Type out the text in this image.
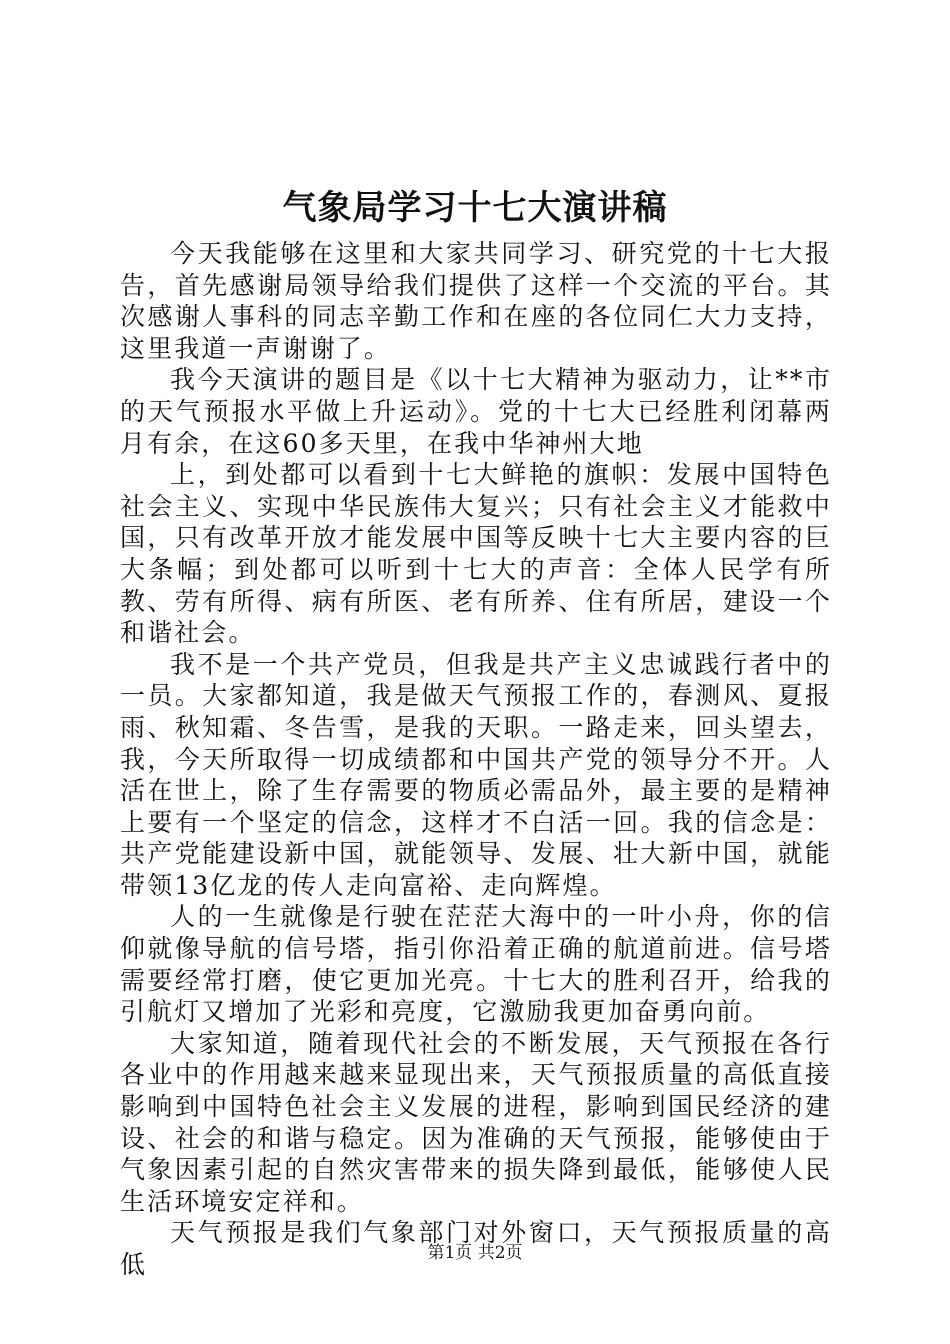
气象局学习十七大演讲稿

今天我能够在这里和大家共同学习、研究党的十七大报告，首先感谢局领导给我们提供了这样一个交流的平台。其次感谢人事科的同志辛勤工作和在座的各位同仁大力支持，这里我道一声谢谢了。

我今天演讲的题目是《以十七大精神为驱动力，让**市的天气预报水平做上升运动》。党的十七大已经胜利闭幕两月有余，在这60多天里，在我中华神州大地

上，到处都可以看到十七大鲜艳的旗帜：发展中国特色社会主义、实现中华民族伟大复兴；只有社会主义才能救中国，只有改革开放才能发展中国等反映十七大主要内容的巨大条幅；到处都可以听到十七大的声音：全体人民学有所教、劳有所得、病有所医、老有所养、住有所居，建设一个和谐社会。

我不是一个共产党员，但我是共产主义忠诚践行者中的一员。大家都知道，我是做天气预报工作的，春测风、夏报雨、秋知霜、冬告雪，是我的天职。一路走来，回头望去，我，今天所取得一切成绩都和中国共产党的领导分不开。人活在世上，除了生存需要的物质必需品外，最主要的是精神上要有一个坚定的信念，这样才不白活一回。我的信念是：共产党能建设新中国，就能领导、发展、壮大新中国，就能带领13亿龙的传人走向富裕、走向辉煌。

人的一生就像是行驶在茫茫大海中的一叶小舟，你的信仰就像导航的信号塔，指引你沿着正确的航道前进。信号塔需要经常打磨，使它更加光亮。十七大的胜利召开，给我的引航灯又增加了光彩和亮度，它激励我更加奋勇向前。

大家知道，随着现代社会的不断发展，天气预报在各行各业中的作用越来越来显现出来，天气预报质量的高低直接影响到中国特色社会主义发展的进程，影响到国民经济的建设、社会的和谐与稳定。因为准确的天气预报，能够使由于气象因素引起的自然灾害带来的损失降到最低，能够使人民生活环境安定祥和。

天气预报是我们气象部门对外窗口，天气预报质量的高低	第1页 共2页
